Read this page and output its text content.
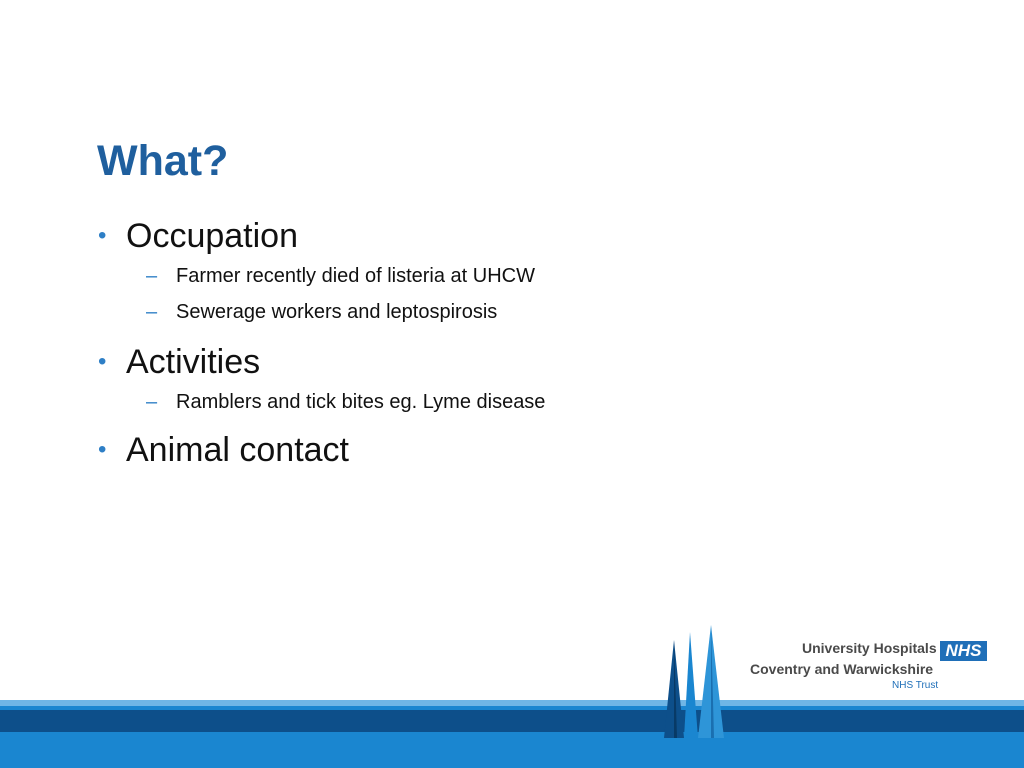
What?
• Occupation
– Farmer recently died of listeria at UHCW
– Sewerage workers and leptospirosis
• Activities
– Ramblers and tick bites eg. Lyme disease
• Animal contact
University Hospitals NHS
Coventry and Warwickshire
NHS Trust
